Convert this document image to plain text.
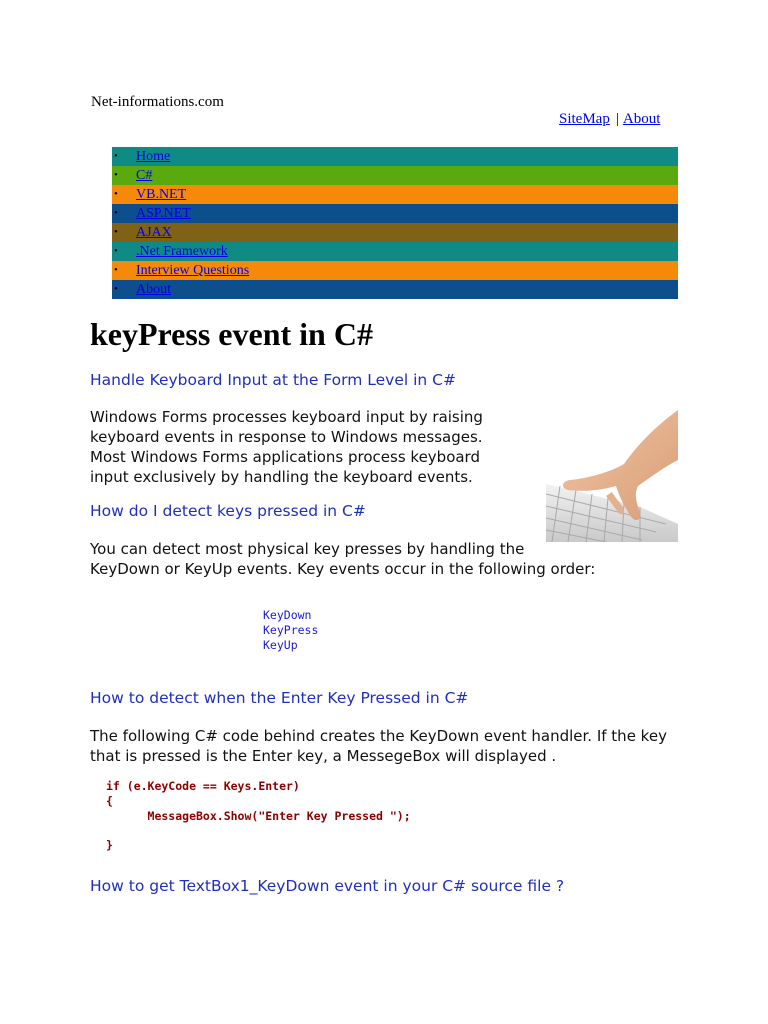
Net-informations.com
SiteMap | About
• Home
• C#
• VB.NET
• ASP.NET
• AJAX
• .Net Framework
• Interview Questions
• About
keyPress event in C#
Handle Keyboard Input at the Form Level in C#

Windows Forms processes keyboard input by raising keyboard events in response to Windows messages. Most Windows Forms applications process keyboard input exclusively by handling the keyboard events.

How do I detect keys pressed in C#

You can detect most physical key presses by handling the
KeyDown or KeyUp events. Key events occur in the following order:

KeyDown
KeyPress
KeyUp
How to detect when the Enter Key Pressed in C#

The following C# code behind creates the KeyDown event handler. If the key
that is pressed is the Enter key, a MessegeBox will displayed .

if (e.KeyCode == Keys.Enter)
{
MessageBox.Show("Enter Key Pressed ");

}
How to get TextBox1_KeyDown event in your C# source file ?
